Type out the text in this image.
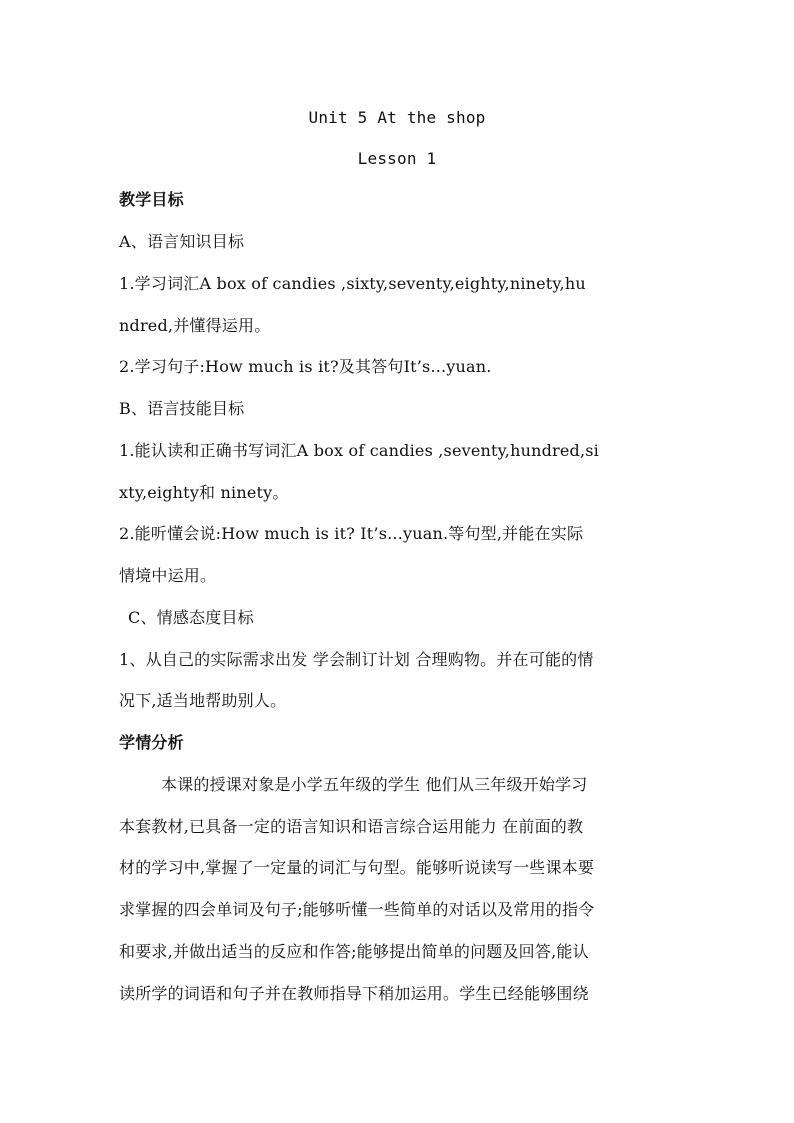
Unit 5 At the shop
Lesson 1
教学目标
A、语言知识目标
1.学习词汇A box of candies ,sixty,seventy,eighty,ninety,hu
ndred,并懂得运用。
2.学习句子:How much is it?及其答句It’s...yuan.
B、语言技能目标
1.能认读和正确书写词汇A box of candies ,seventy,hundred,si
xty,eighty和 ninety。
2.能听懂会说:How much is it? It’s...yuan.等句型,并能在实际
情境中运用。
C、情感态度目标
1、从自己的实际需求出发 学会制订计划 合理购物。并在可能的情
况下,适当地帮助别人。
学情分析
本课的授课对象是小学五年级的学生 他们从三年级开始学习
本套教材,已具备一定的语言知识和语言综合运用能力 在前面的教
材的学习中,掌握了一定量的词汇与句型。能够听说读写一些课本要
求掌握的四会单词及句子;能够听懂一些简单的对话以及常用的指令
和要求,并做出适当的反应和作答;能够提出简单的问题及回答,能认
读所学的词语和句子并在教师指导下稍加运用。学生已经能够围绕
